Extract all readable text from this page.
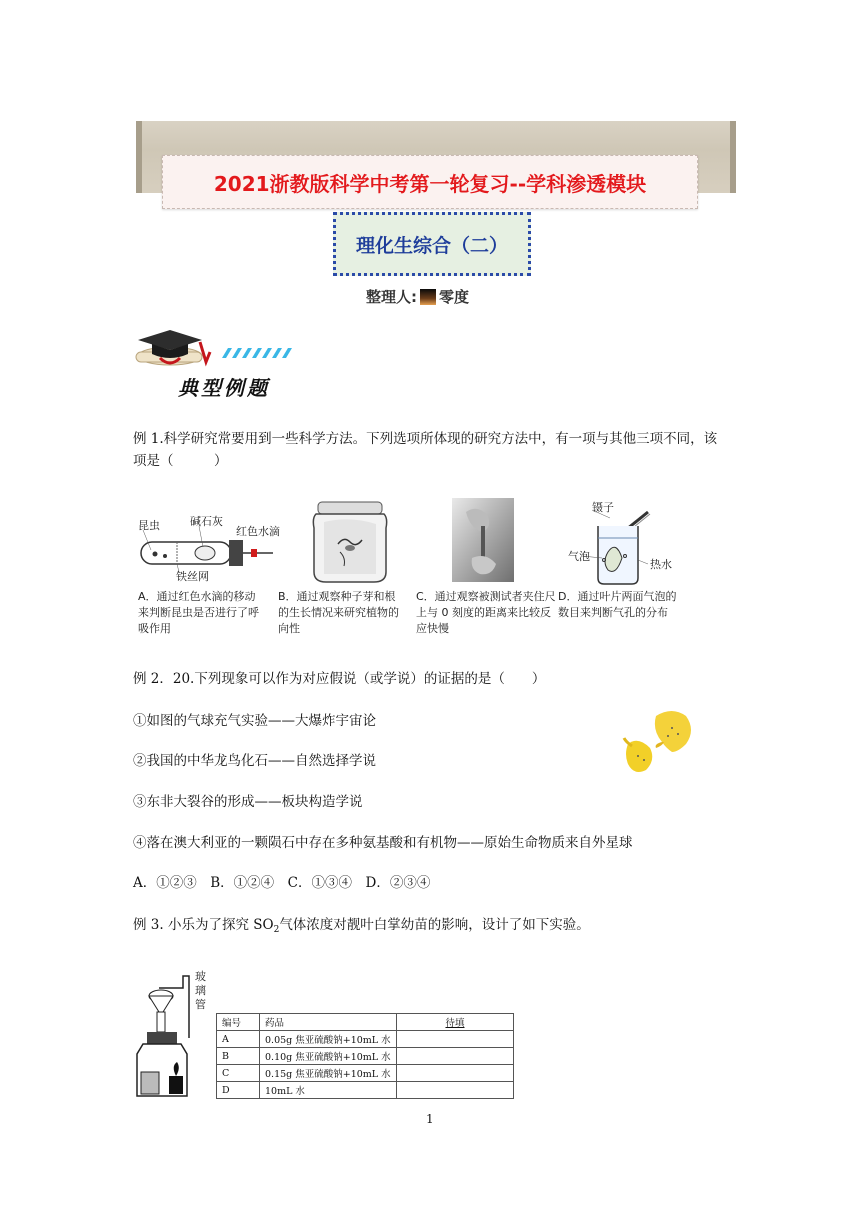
2021浙教版科学中考第一轮复习--学科渗透模块
理化生综合（二）
整理人: 零度
典型例题
例 1.科学研究常要用到一些科学方法。下列选项所体现的研究方法中，有一项与其他三项不同，该项是（　　　）
昆虫	碱石灰
红色水滴
铁丝网
镊子
气泡
热水
A．通过红色水滴的移动来判断昆虫是否进行了呼吸作用
B．通过观察种子芽和根的生长情况来研究植物的向性
C．通过观察被测试者夹住尺上与 0 刻度的距离来比较反应快慢
D．通过叶片两面气泡的数目来判断气孔的分布
例 2．20.下列现象可以作为对应假说（或学说）的证据的是（　　）
①如图的气球充气实验——大爆炸宇宙论
②我国的中华龙鸟化石——自然选择学说
③东非大裂谷的形成——板块构造学说
④落在澳大利亚的一颗陨石中存在多种氨基酸和有机物——原始生命物质来自外星球
A．①②③　B．①②④　C．①③④　D．②③④
例 3. 小乐为了探究 $SO_2$气体浓度对靓叶白掌幼苗的影响，设计了如下实验。
玻璃管
编号	药品	待填
A	0.05g 焦亚硫酸钠+10mL 水	
B	0.10g 焦亚硫酸钠+10mL 水	
C	0.15g 焦亚硫酸钠+10mL 水	
D	10mL 水	
1
